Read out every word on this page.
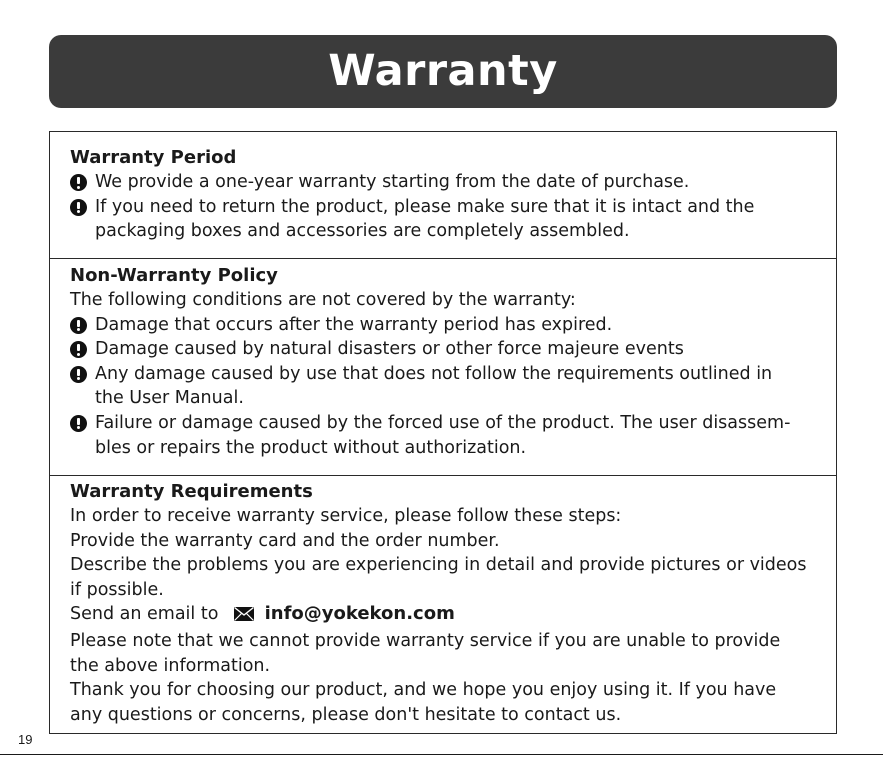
Warranty
Warranty Period
We provide a one-year warranty starting from the date of purchase.
If you need to return the product, please make sure that it is intact and the
packaging boxes and accessories are completely assembled.
Non-Warranty Policy
The following conditions are not covered by the warranty:
Damage that occurs after the warranty period has expired.
Damage caused by natural disasters or other force majeure events
Any damage caused by use that does not follow the requirements outlined in
the User Manual.
Failure or damage caused by the forced use of the product. The user disassem-
bles or repairs the product without authorization.
Warranty Requirements
In order to receive warranty service, please follow these steps:
Provide the warranty card and the order number.
Describe the problems you are experiencing in detail and provide pictures or videos
if possible.
Send an email to	info@yokekon.com
Please note that we cannot provide warranty service if you are unable to provide
the above information.
Thank you for choosing our product, and we hope you enjoy using it. If you have
any questions or concerns, please don't hesitate to contact us.
19
